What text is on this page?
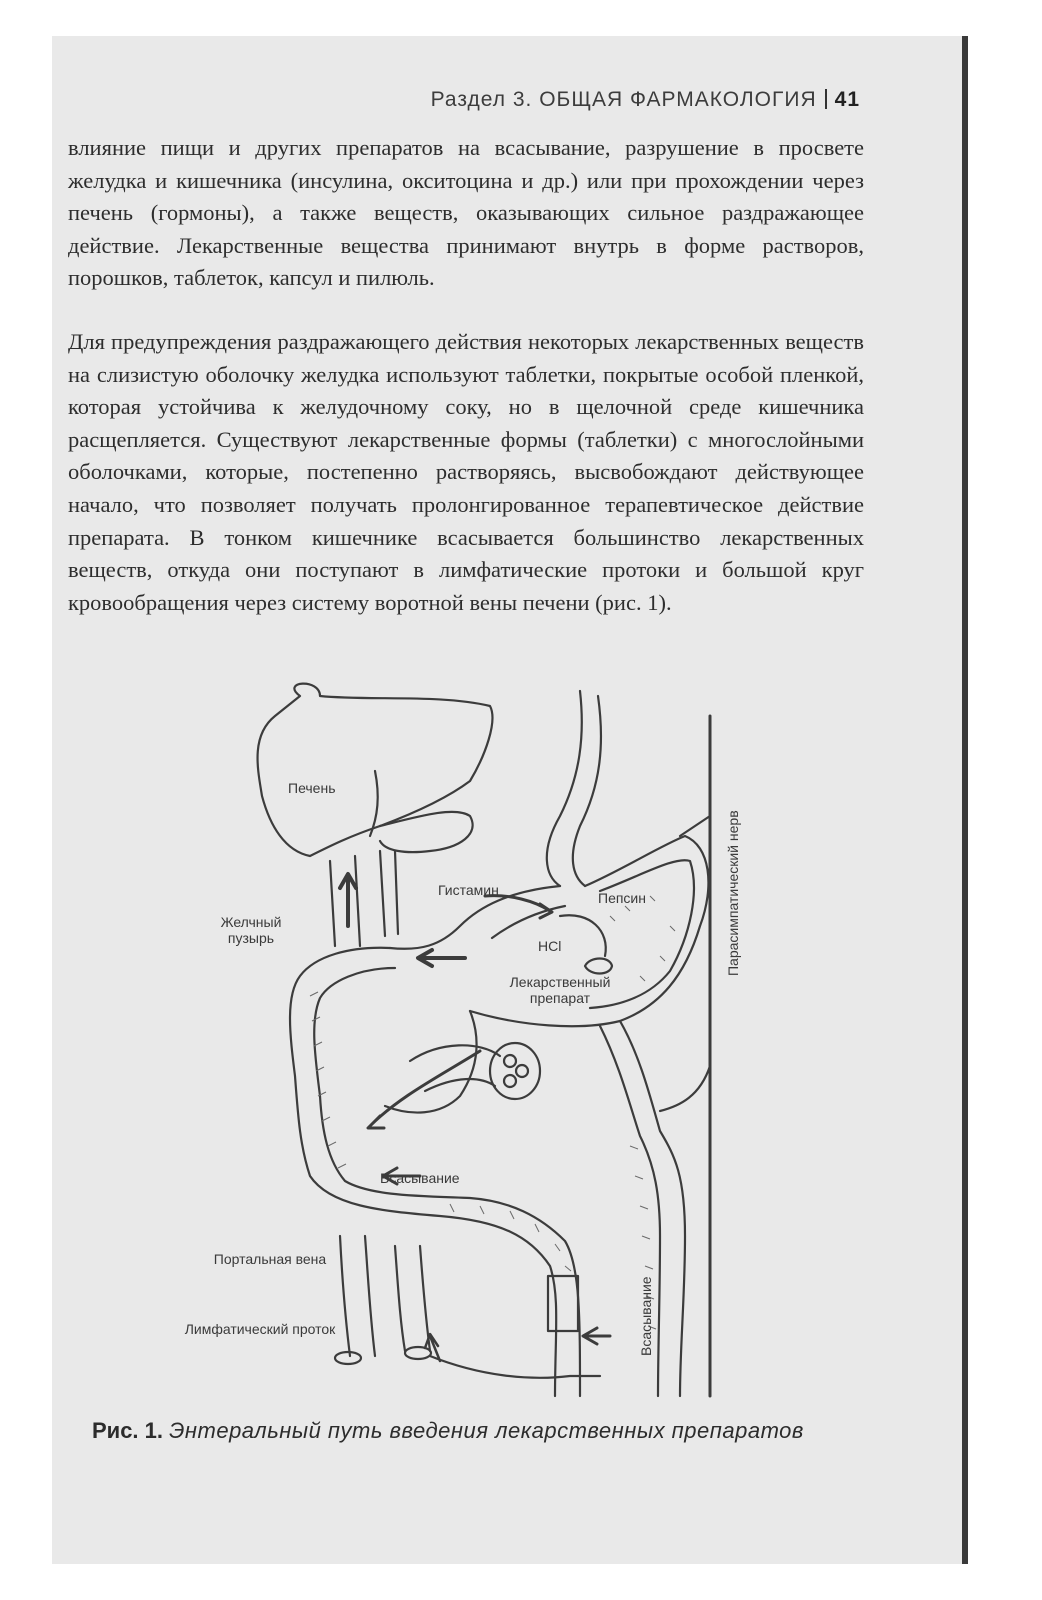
Раздел 3. ОБЩАЯ ФАРМАКОЛОГИЯ 41

влияние пищи и других препаратов на всасывание, разрушение в просвете желудка и кишечника (инсулина, окситоцина и др.) или при прохождении через печень (гормоны), а также веществ, оказывающих сильное раздражающее действие. Лекарственные вещества принимают внутрь в форме растворов, порошков, таблеток, капсул и пилюль.

Для предупреждения раздражающего действия некоторых лекарственных веществ на слизистую оболочку желудка используют таблетки, покрытые особой пленкой, которая устойчива к желудочному соку, но в щелочной среде кишечника расщепляется. Существуют лекарственные формы (таблетки) с многослойными оболочками, которые, постепенно растворяясь, высвобождают действующее начало, что позволяет получать пролонгированное терапевтическое действие препарата. В тонком кишечнике всасывается большинство лекарственных веществ, откуда они поступают в лимфатические протоки и большой круг кровообращения через систему воротной вены печени (рис. 1).

Печень
Желчный пузырь
Гистамин	Пепсин
HCl
Лекарственный препарат
Всасывание
Всасывание
Парасимпатический нерв
Портальная вена
Лимфатический проток
Рис. 1. Энтеральный путь введения лекарственных препаратов
